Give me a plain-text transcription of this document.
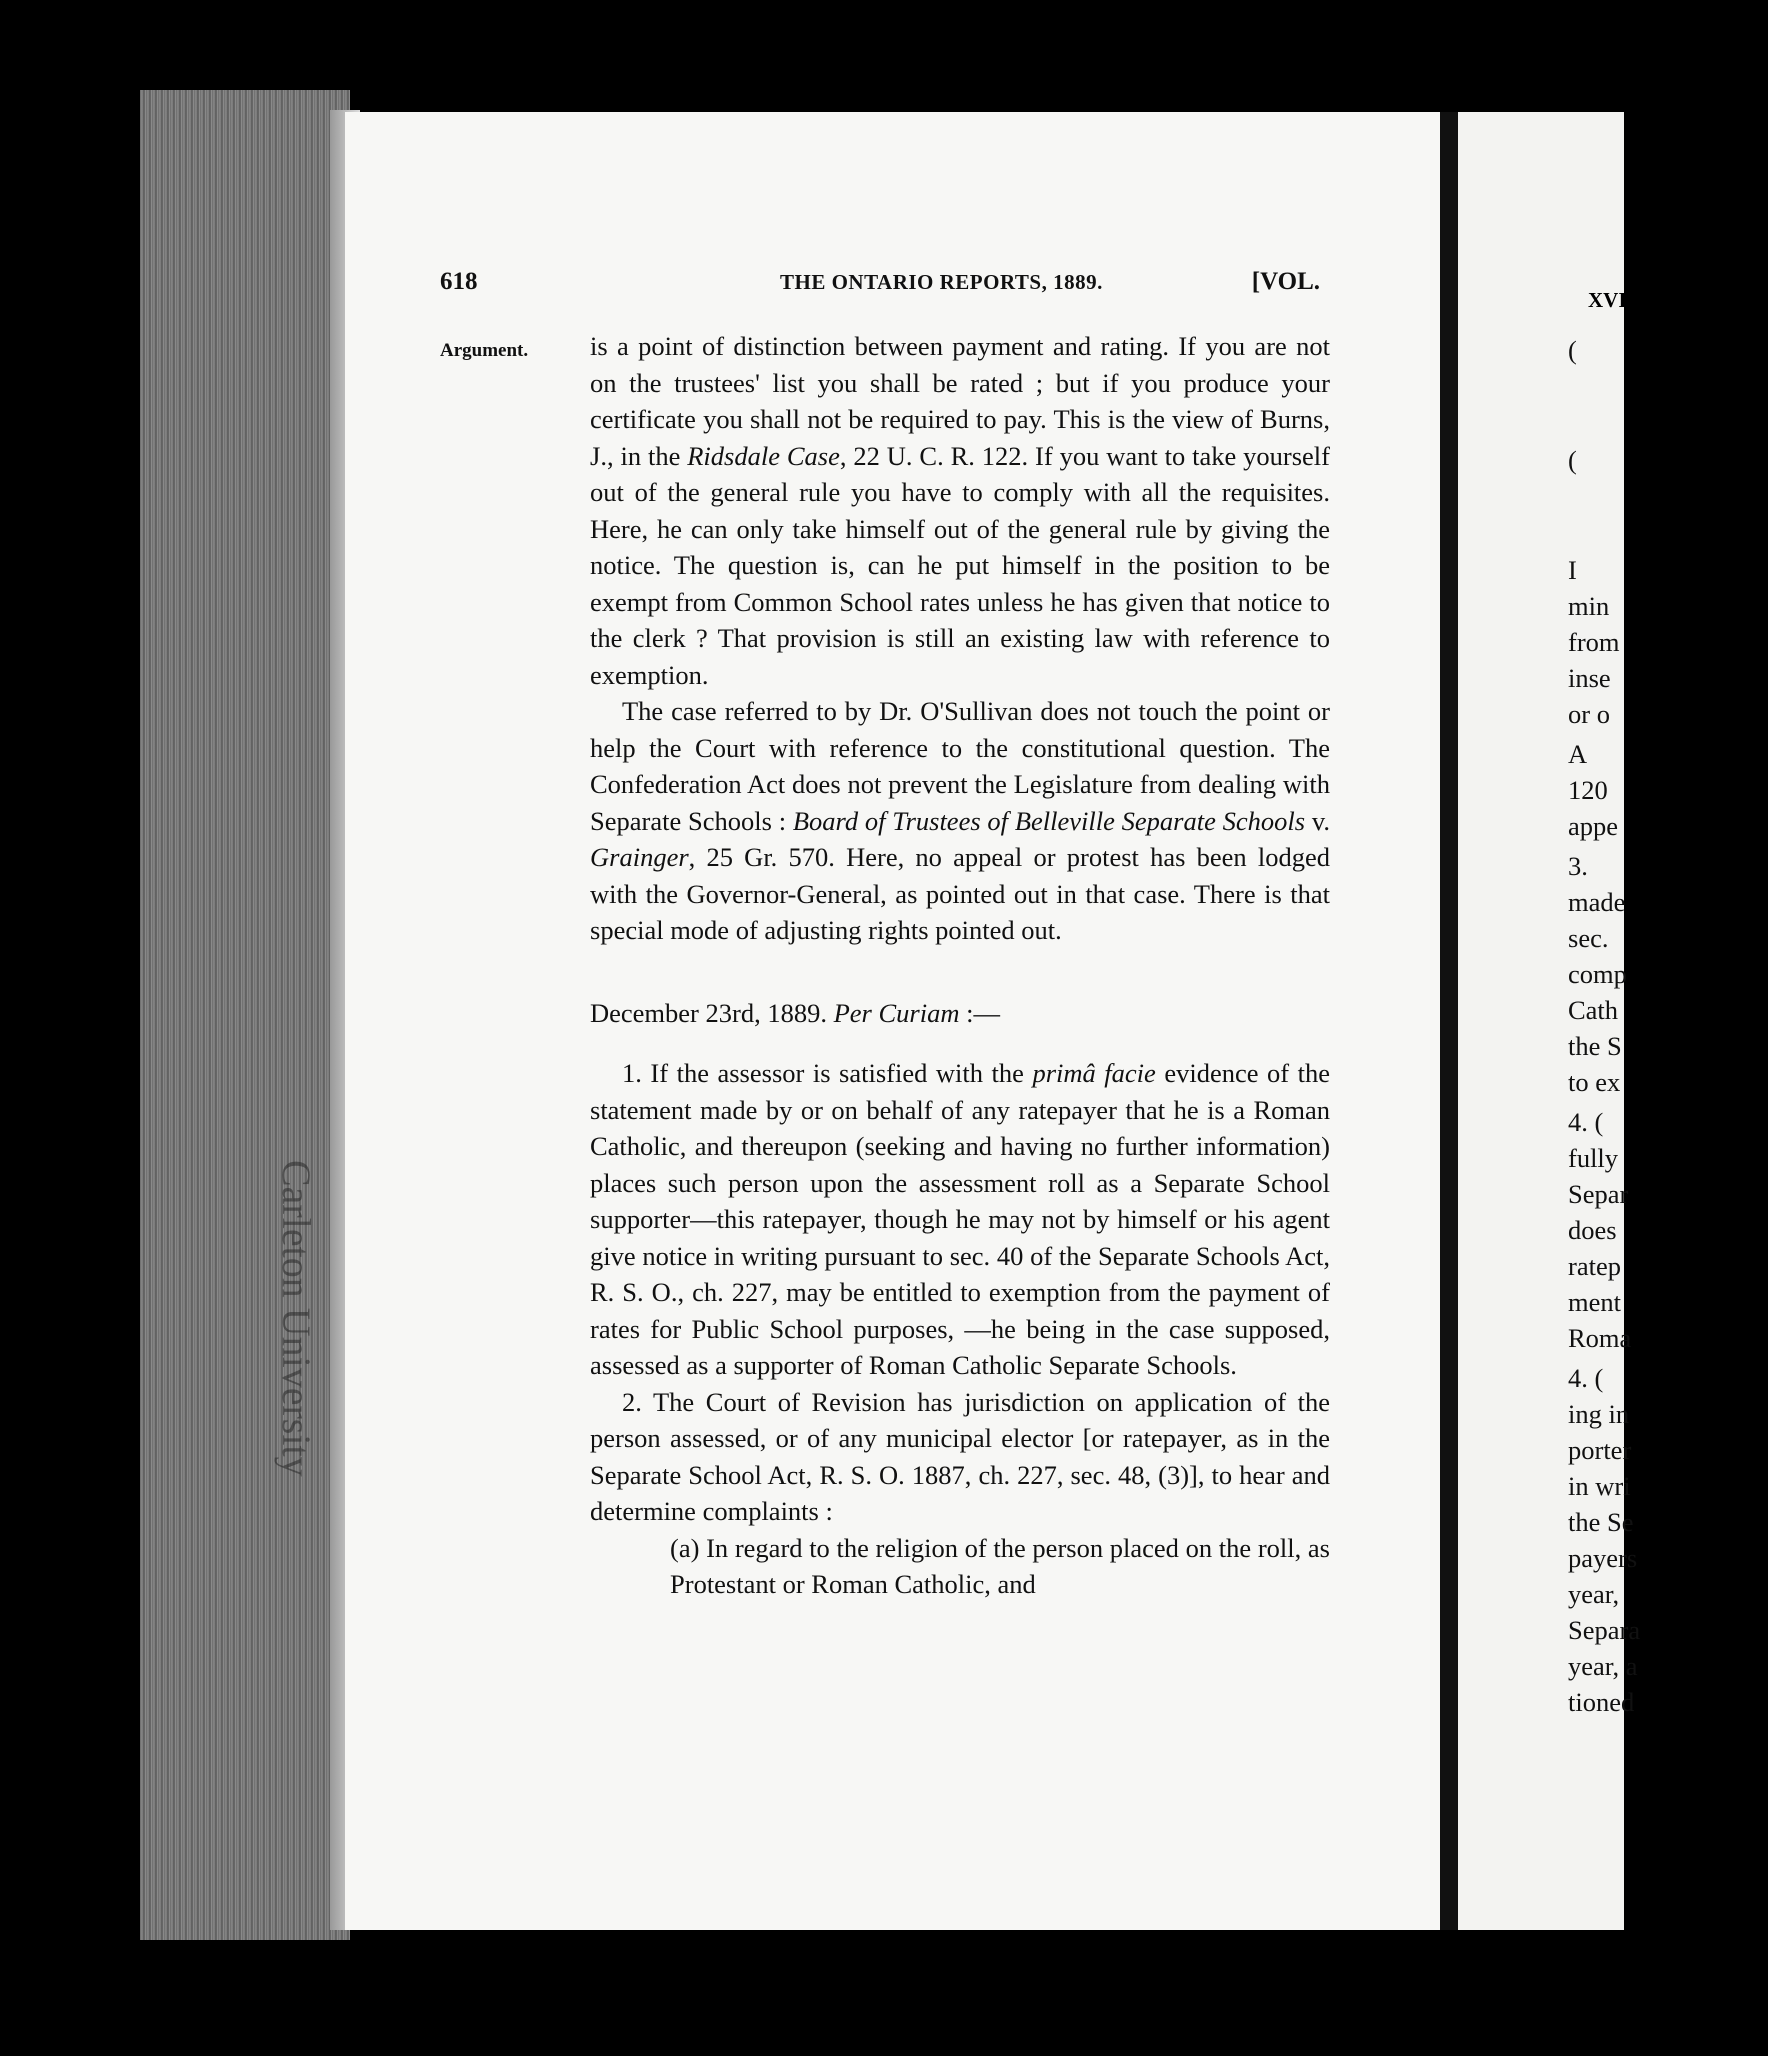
Carleton University
618	THE ONTARIO REPORTS, 1889.	[VOL.
Argument. is a point of distinction between payment and rating. If you are not on the trustees' list you shall be rated ; but if you produce your certificate you shall not be required to pay. This is the view of Burns, J., in the Ridsdale Case, 22 U. C. R. 122. If you want to take yourself out of the general rule you have to comply with all the requisites. Here, he can only take himself out of the general rule by giving the notice. The question is, can he put himself in the position to be exempt from Common School rates unless he has given that notice to the clerk ? That provision is still an existing law with reference to exemption.

The case referred to by Dr. O'Sullivan does not touch the point or help the Court with reference to the constitutional question. The Confederation Act does not prevent the Legislature from dealing with Separate Schools : Board of Trustees of Belleville Separate Schools v. Grainger, 25 Gr. 570. Here, no appeal or protest has been lodged with the Governor-General, as pointed out in that case. There is that special mode of adjusting rights pointed out.

December 23rd, 1889. Per Curiam :—

1. If the assessor is satisfied with the primâ facie evidence of the statement made by or on behalf of any ratepayer that he is a Roman Catholic, and thereupon (seeking and having no further information) places such person upon the assessment roll as a Separate School supporter—this ratepayer, though he may not by himself or his agent give notice in writing pursuant to sec. 40 of the Separate Schools Act, R. S. O., ch. 227, may be entitled to exemption from the payment of rates for Public School purposes, —he being in the case supposed, assessed as a supporter of Roman Catholic Separate Schools.

2. The Court of Revision has jurisdiction on application of the person assessed, or of any municipal elector [or ratepayer, as in the Separate School Act, R. S. O. 1887, ch. 227, sec. 48, (3)], to hear and determine complaints :

(a) In regard to the religion of the person placed on the roll, as Protestant or Roman Catholic, and

XVI
(
(
I
min
from
inse
or o
A
120
appe
3.
made
sec.
comp
Cath
the S
to ex
4. (
fully
Separ
does
ratep
ment
Roma
4. (
ing in
porter
in wri
the Se
payers
year,
Separa
year, a
tioned
